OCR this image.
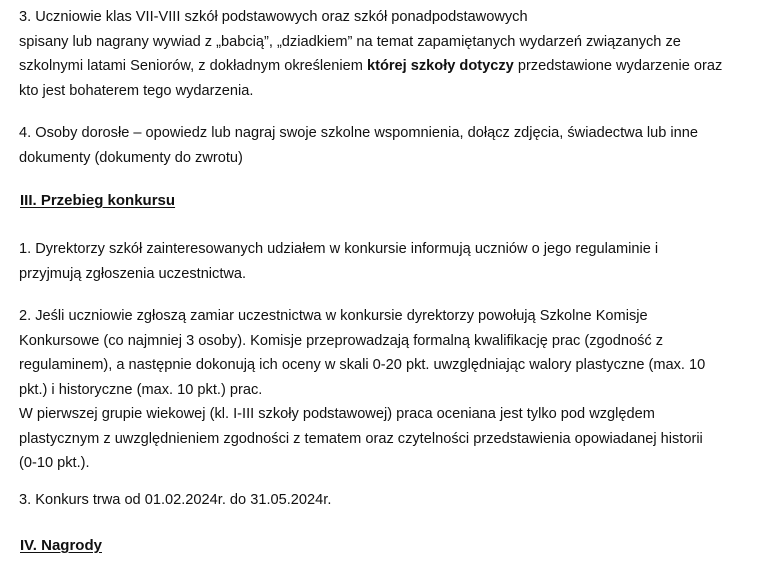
3. Uczniowie klas VII-VIII szkół podstawowych oraz szkół ponadpodstawowych
spisany lub nagrany wywiad z „babcią”, „dziadkiem” na temat zapamiętanych wydarzeń związanych ze
szkolnymi latami Seniorów, z dokładnym określeniem której szkoły dotyczy przedstawione wydarzenie oraz
kto jest bohaterem tego wydarzenia.
4. Osoby dorosłe – opowiedz lub nagraj swoje szkolne wspomnienia, dołącz zdjęcia, świadectwa lub inne
dokumenty (dokumenty do zwrotu)
III. Przebieg konkursu
1. Dyrektorzy szkół zainteresowanych udziałem w konkursie informują uczniów o jego regulaminie i
przyjmują zgłoszenia uczestnictwa.
2. Jeśli uczniowie zgłoszą zamiar uczestnictwa w konkursie dyrektorzy powołują Szkolne Komisje
Konkursowe (co najmniej 3 osoby). Komisje przeprowadzają formalną kwalifikację prac (zgodność z
regulaminem), a następnie dokonują ich oceny w skali 0-20 pkt. uwzględniając walory plastyczne (max. 10
pkt.) i historyczne (max. 10 pkt.) prac.
W pierwszej grupie wiekowej (kl. I-III szkoły podstawowej) praca oceniana jest tylko pod względem
plastycznym z uwzględnieniem zgodności z tematem oraz czytelności przedstawienia opowiadanej historii
(0-10 pkt.).
3. Konkurs trwa od 01.02.2024r. do 31.05.2024r.
IV. Nagrody
